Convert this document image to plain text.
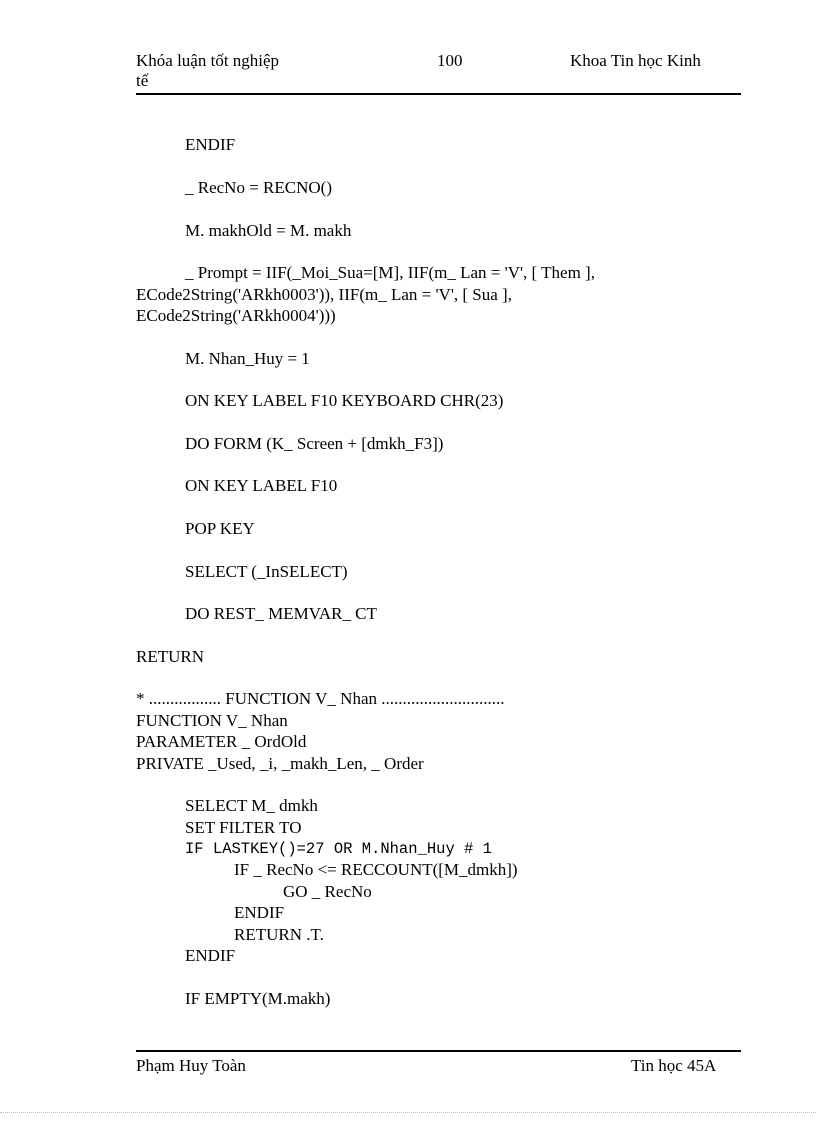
Khóa luận tốt nghiệp
tế
100	Khoa Tin học Kinh
ENDIF
_ RecNo = RECNO()
M. makhOld = M. makh
_ Prompt = IIF(_Moi_Sua=[M], IIF(m_ Lan = 'V', [ Them ],
ECode2String('ARkh0003')), IIF(m_ Lan = 'V', [ Sua ],
ECode2String('ARkh0004')))
M. Nhan_Huy = 1
ON KEY LABEL F10 KEYBOARD CHR(23)
DO FORM (K_ Screen + [dmkh_F3])
ON KEY LABEL F10
POP KEY
SELECT (_InSELECT)
DO REST_ MEMVAR_ CT
RETURN
* ................. FUNCTION V_ Nhan .............................
FUNCTION V_ Nhan
PARAMETER _ OrdOld
PRIVATE _Used, _i, _makh_Len, _ Order
SELECT M_ dmkh
SET FILTER TO
IF LASTKEY()=27 OR M.Nhan_Huy # 1
IF _ RecNo <= RECCOUNT([M_dmkh])
GO _ RecNo
ENDIF
RETURN .T.
ENDIF
IF EMPTY(M.makh)
Phạm Huy Toàn	Tin học 45A
